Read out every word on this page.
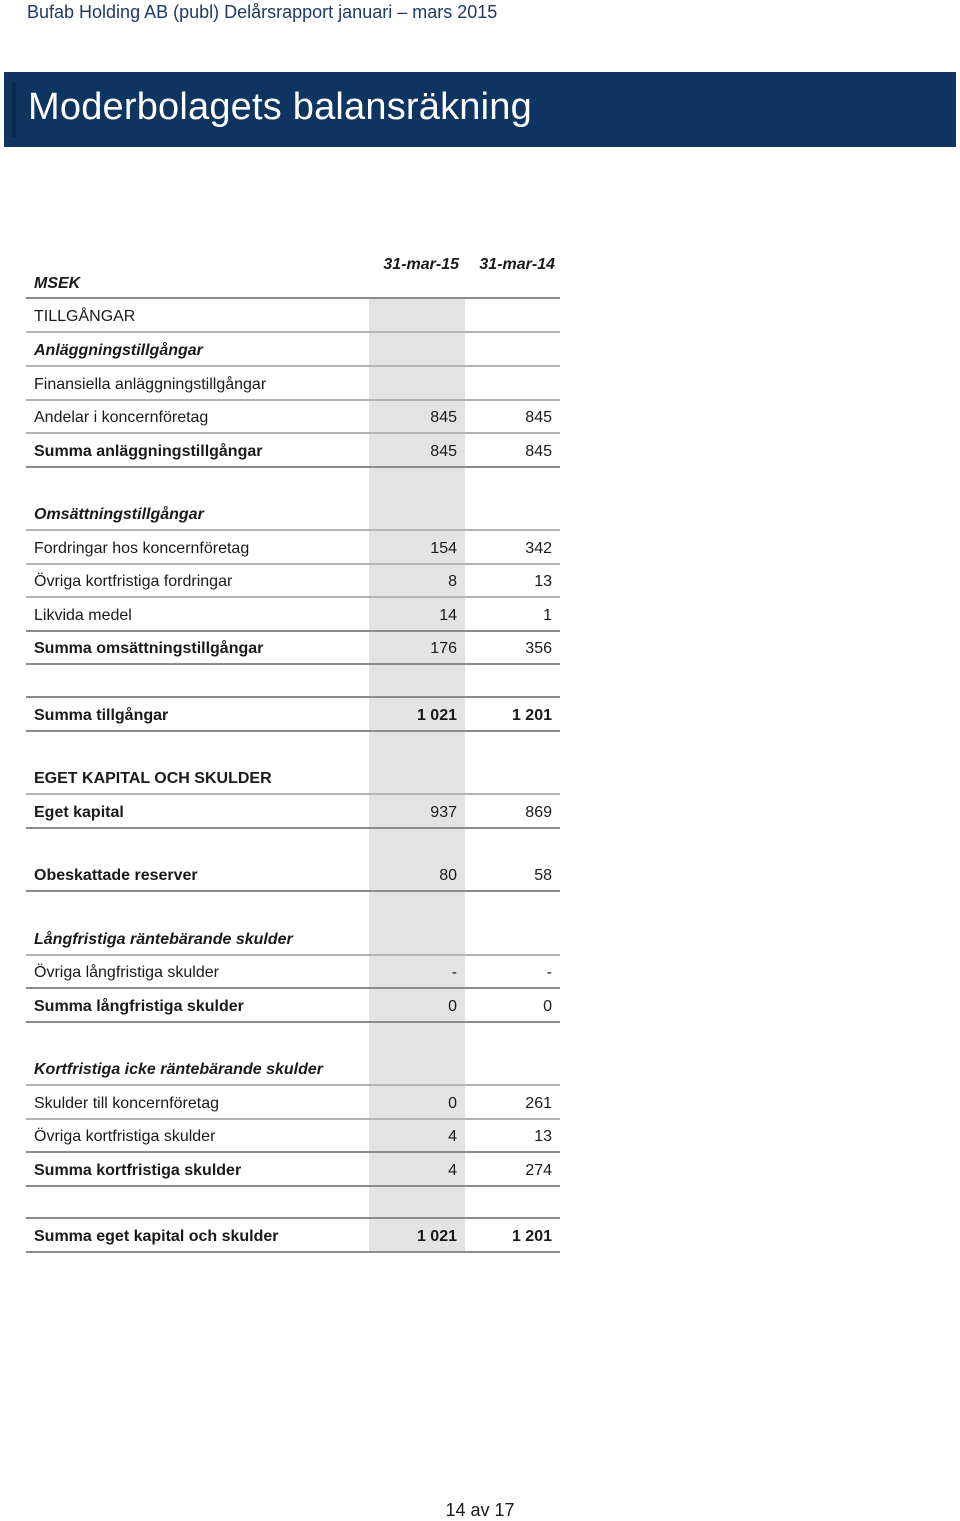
Bufab Holding AB (publ) Delårsrapport januari – mars 2015
Moderbolagets balansräkning
MSEK
31-mar-15	31-mar-14
TILLGÅNGAR
Anläggningstillgångar
Finansiella anläggningstillgångar
Andelar i koncernföretag	845	845
Summa anläggningstillgångar	845	845
Omsättningstillgångar
Fordringar hos koncernföretag	154	342
Övriga kortfristiga fordringar	8	13
Likvida medel	14	1
Summa omsättningstillgångar	176	356
Summa tillgångar	1 021	1 201
EGET KAPITAL OCH SKULDER
Eget kapital	937	869
Obeskattade reserver	80	58
Långfristiga räntebärande skulder
Övriga långfristiga skulder	-	-
Summa långfristiga skulder	0	0
Kortfristiga icke räntebärande skulder
Skulder till koncernföretag	0	261
Övriga kortfristiga skulder	4	13
Summa kortfristiga skulder	4	274
Summa eget kapital och skulder	1 021	1 201
14 av 17
